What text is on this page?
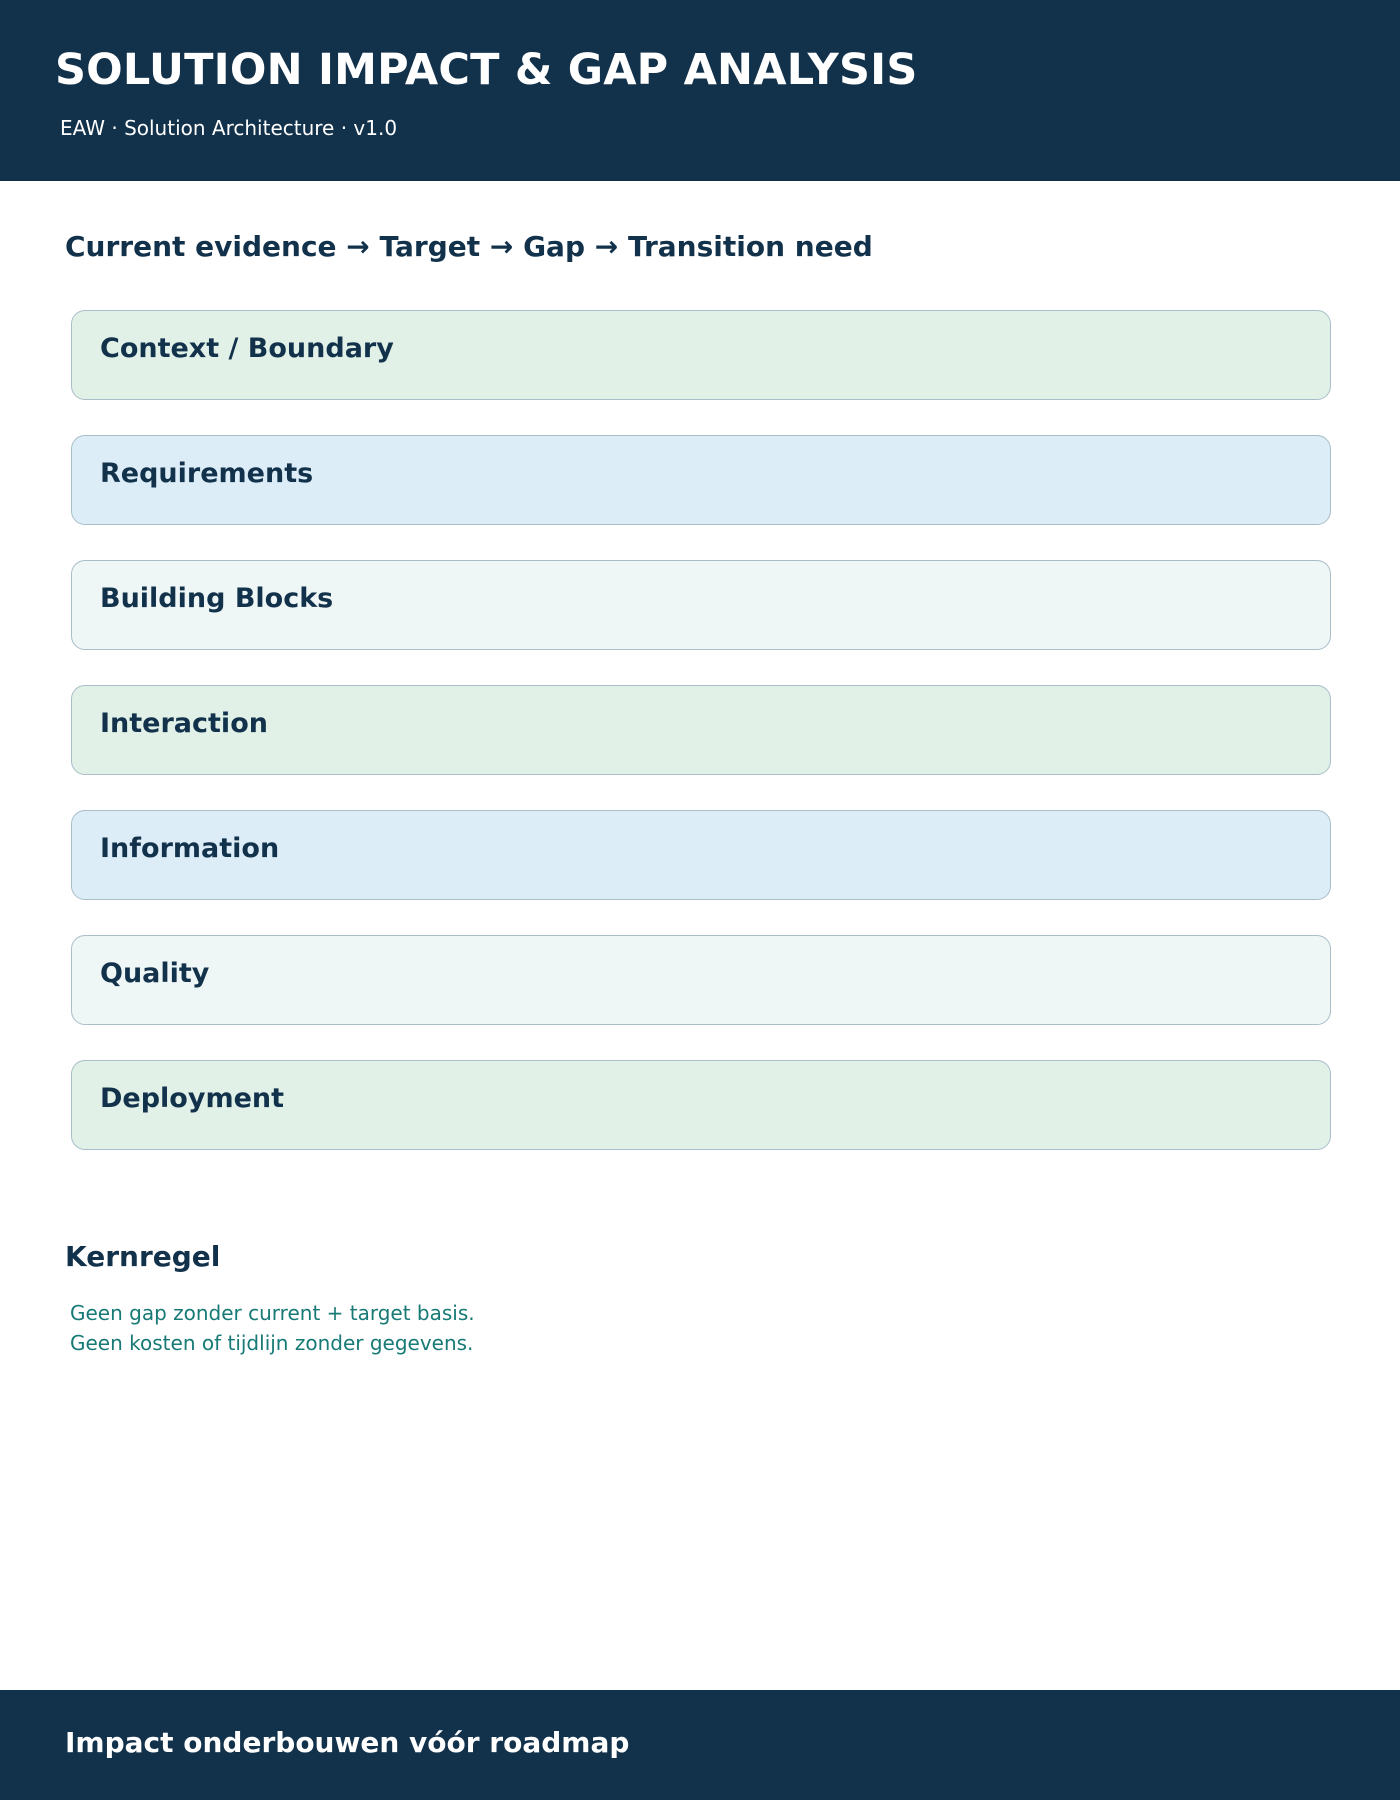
SOLUTION IMPACT & GAP ANALYSIS
EAW · Solution Architecture · v1.0
Current evidence → Target → Gap → Transition need
Context / Boundary
Requirements
Building Blocks
Interaction
Information
Quality
Deployment
Kernregel
Geen gap zonder current + target basis.
Geen kosten of tijdlijn zonder gegevens.
Impact onderbouwen vóór roadmap
